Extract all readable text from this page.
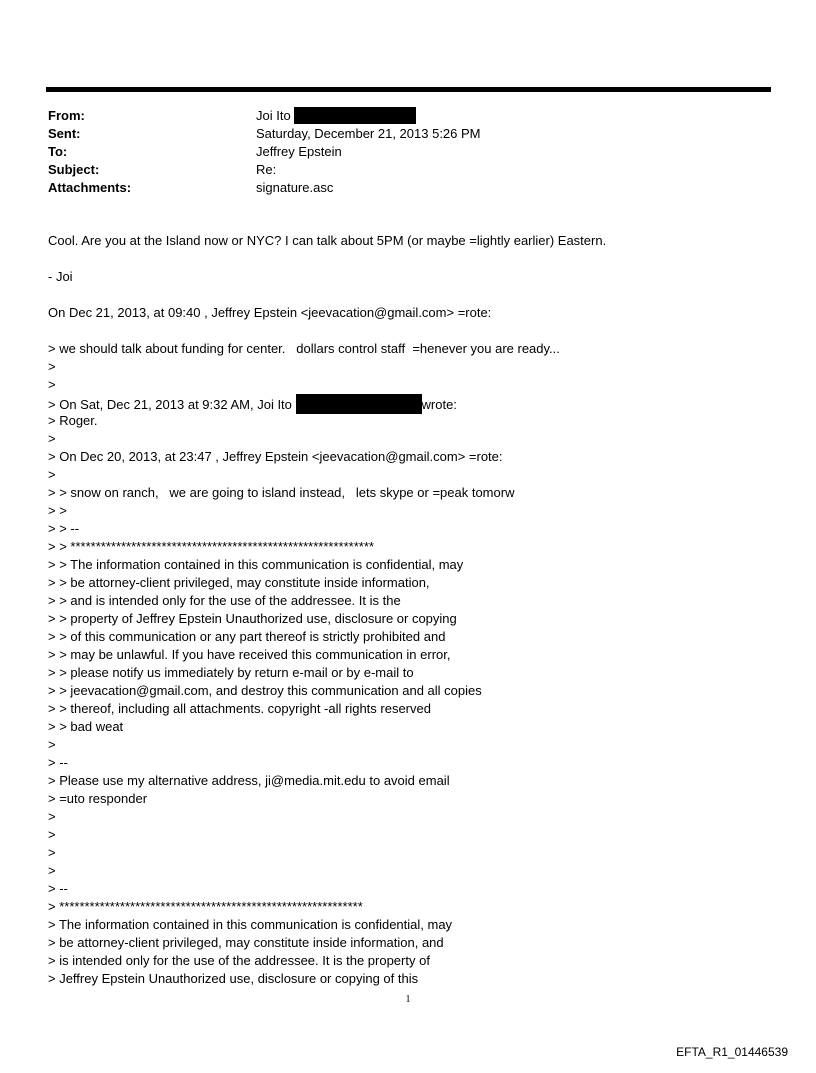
From:	Joi Ito
Sent:	Saturday, December 21, 2013 5:26 PM
To:	Jeffrey Epstein
Subject:	Re:
Attachments:	signature.asc
Cool. Are you at the Island now or NYC? I can talk about 5PM (or maybe =lightly earlier) Eastern.
- Joi
On Dec 21, 2013, at 09:40 , Jeffrey Epstein <jeevacation@gmail.com> =rote:
> we should talk about funding for center.   dollars control staff  =henever you are ready...
>
>
> On Sat, Dec 21, 2013 at 9:32 AM, Joi Ito	wrote:
> Roger.
>
> On Dec 20, 2013, at 23:47 , Jeffrey Epstein <jeevacation@gmail.com> =rote:
>
> > snow on ranch,   we are going to island instead,   lets skype or =peak tomorw
> >
> > --
> > ************************************************************
> > The information contained in this communication is confidential, may
> > be attorney-client privileged, may constitute inside information,
> > and is intended only for the use of the addressee. It is the
> > property of Jeffrey Epstein Unauthorized use, disclosure or copying
> > of this communication or any part thereof is strictly prohibited and
> > may be unlawful. If you have received this communication in error,
> > please notify us immediately by return e-mail or by e-mail to
> > jeevacation@gmail.com, and destroy this communication and all copies
> > thereof, including all attachments. copyright -all rights reserved
> > bad weat
>
> --
> Please use my alternative address, ji@media.mit.edu to avoid email
> =uto responder
>
>
>
>
> --
> ************************************************************
> The information contained in this communication is confidential, may
> be attorney-client privileged, may constitute inside information, and
> is intended only for the use of the addressee. It is the property of
> Jeffrey Epstein Unauthorized use, disclosure or copying of this
1
EFTA_R1_01446539
